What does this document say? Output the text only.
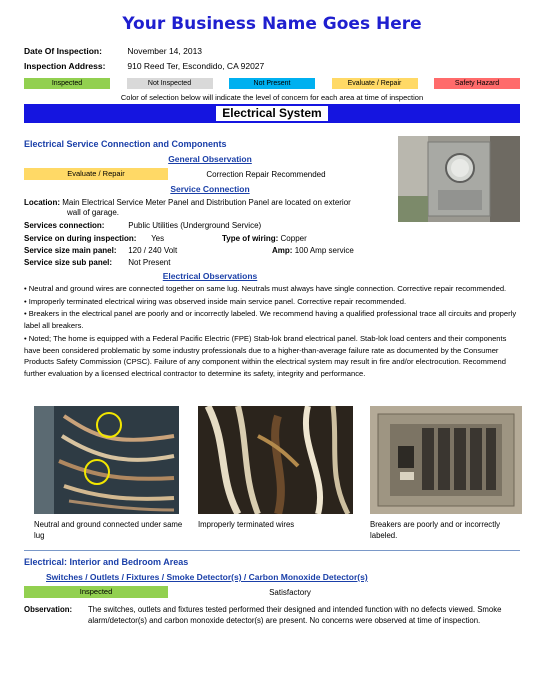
Your Business Name Goes Here
Date Of Inspection:	November 14, 2013
Inspection Address:	910 Reed Ter, Escondido, CA 92027
Inspected	Not Inspected	Not Present	Evaluate / Repair	Safety Hazard
Color of selection below will indicate the level of concern for each area at time of inspection
Electrical System
Electrical Service Connection and Components
General Observation
Evaluate / Repair	Correction Repair Recommended
Service Connection
Location: Main Electrical Service Meter Panel and Distribution Panel are located on exterior
wall of garage.
Services connection:	Public Utilities (Underground Service)
Service on during inspection: Yes	Type of wiring: Copper
Service size main panel: 120 / 240 Volt	Amp: 100 Amp service
Service size sub panel: Not Present
Electrical Observations

• Neutral and ground wires are connected together on same lug. Neutrals must always have single connection. Corrective repair recommended.

• Improperly terminated electrical wiring was observed inside main service panel. Corrective repair recommended.

• Breakers in the electrical panel are poorly and or incorrectly labeled. We recommend having a qualified professional trace all circuits and properly label all breakers.

• Noted; The home is equipped with a Federal Pacific Electric (FPE) Stab-lok brand electrical panel. Stab-lok load centers and their components have been considered problematic by some industry professionals due to a higher-than-average failure rate as documented by the Consumer Products Safety Commission (CPSC). Failure of any component within the electrical system may result in fire and/or electrocution. Recommend further evaluation by a licensed electrical contractor to determine its safety, integrity and performance.

Neutral and ground connected under same lug
Improperly terminated wires	Breakers are poorly and or incorrectly labeled.
Electrical: Interior and Bedroom Areas
Switches / Outlets / Fixtures / Smoke Detector(s) / Carbon Monoxide Detector(s)
Inspected	Satisfactory
Observation: The switches, outlets and fixtures tested performed their designed and intended function with no defects viewed. Smoke alarm/detector(s) and carbon monoxide detector(s) are present. No concerns were observed at time of inspection.
